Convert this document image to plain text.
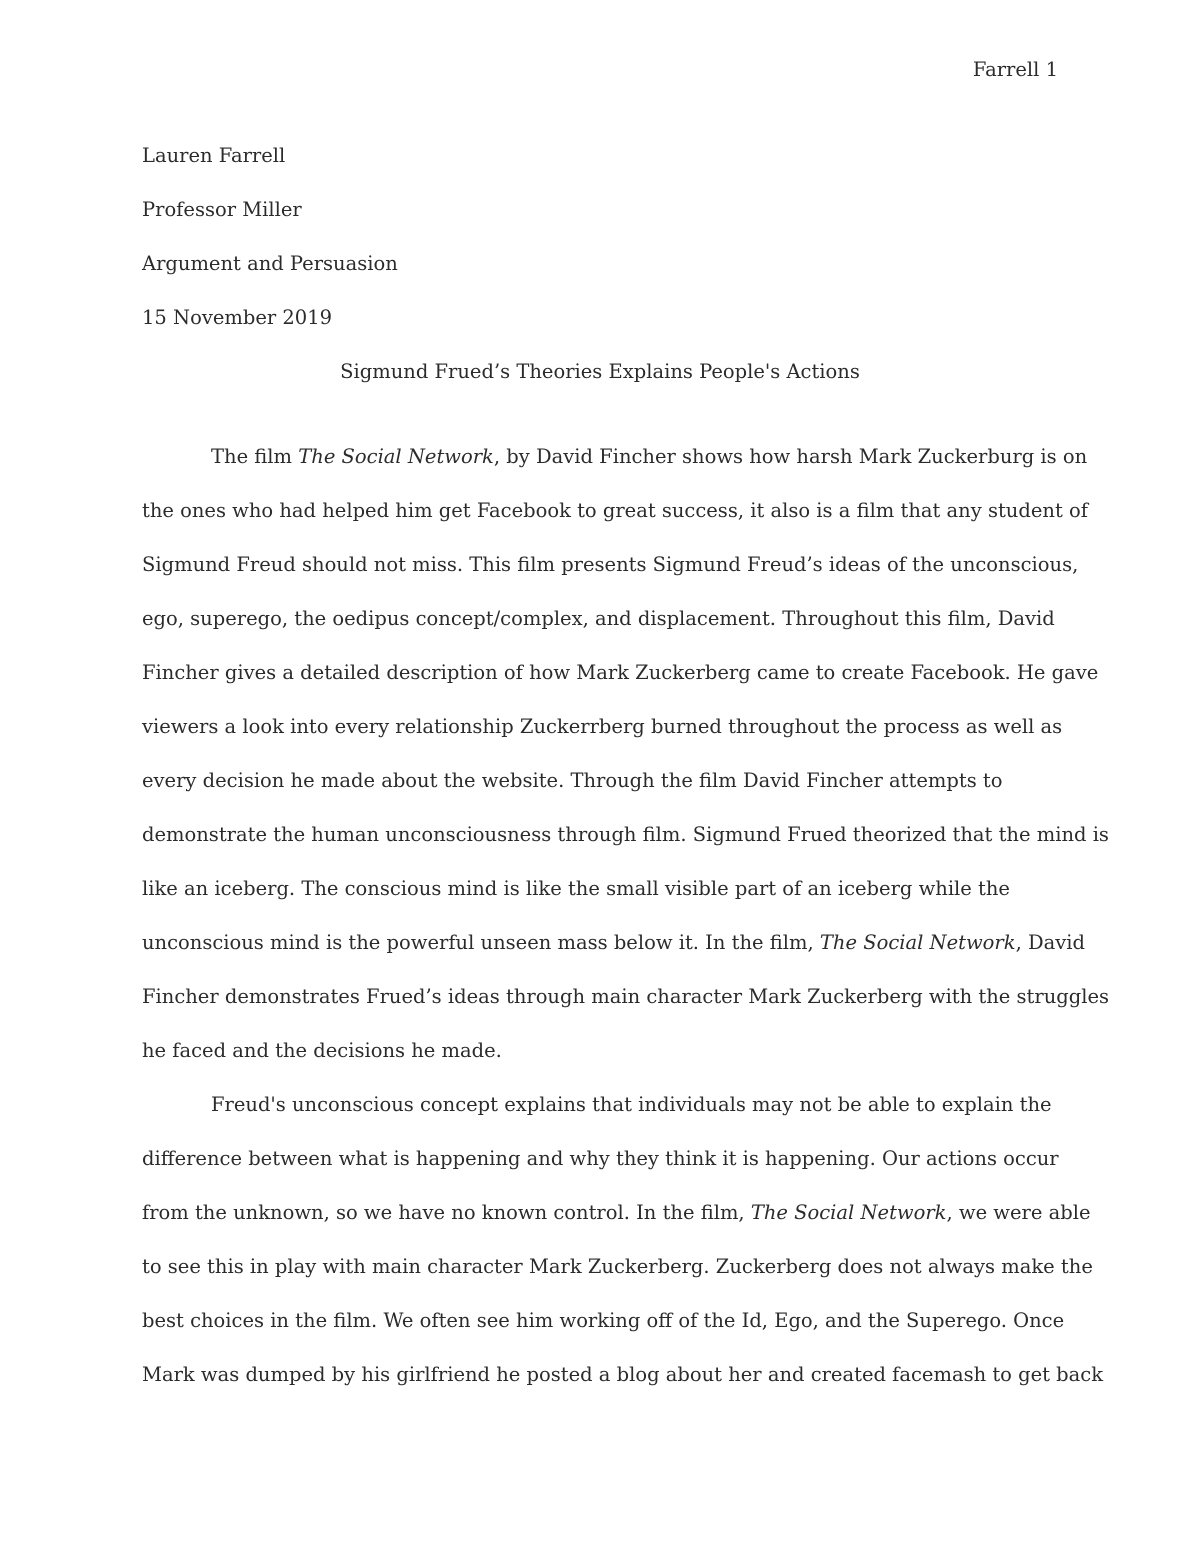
Farrell 1
Lauren Farrell
Professor Miller
Argument and Persuasion
15 November 2019
Sigmund Frued’s Theories Explains People's Actions
The film The Social Network, by David Fincher shows how harsh Mark Zuckerburg is on
the ones who had helped him get Facebook to great success, it also is a film that any student of
Sigmund Freud should not miss. This film presents Sigmund Freud’s ideas of the unconscious,
ego, superego, the oedipus concept/complex, and displacement. Throughout this film, David
Fincher gives a detailed description of how Mark Zuckerberg came to create Facebook. He gave
viewers a look into every relationship Zuckerrberg burned throughout the process as well as
every decision he made about the website. Through the film David Fincher attempts to
demonstrate the human unconsciousness through film. Sigmund Frued theorized that the mind is
like an iceberg. The conscious mind is like the small visible part of an iceberg while the
unconscious mind is the powerful unseen mass below it. In the film, The Social Network, David
Fincher demonstrates Frued’s ideas through main character Mark Zuckerberg with the struggles
he faced and the decisions he made.
Freud's unconscious concept explains that individuals may not be able to explain the
difference between what is happening and why they think it is happening. Our actions occur
from the unknown, so we have no known control. In the film, The Social Network, we were able
to see this in play with main character Mark Zuckerberg. Zuckerberg does not always make the
best choices in the film. We often see him working off of the Id, Ego, and the Superego. Once
Mark was dumped by his girlfriend he posted a blog about her and created facemash to get back
